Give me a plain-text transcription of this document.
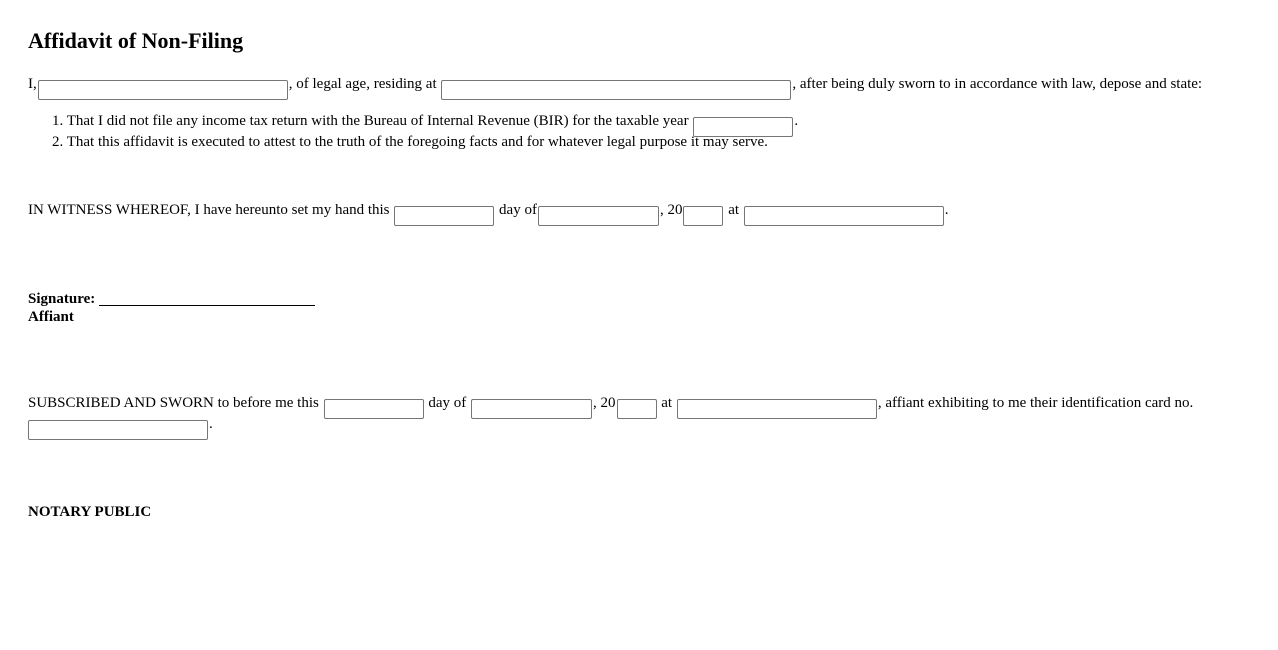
Affidavit of Non-Filing
I,	, of legal age, residing at	, after being duly sworn to in accordance with law, depose and state:
1. That I did not file any income tax return with the Bureau of Internal Revenue (BIR) for the taxable year	.
2. That this affidavit is executed to attest to the truth of the foregoing facts and for whatever legal purpose it may serve.
IN WITNESS WHEREOF, I have hereunto set my hand this	day of	, 20	at	.
Signature:
Affiant
SUBSCRIBED AND SWORN to before me this	day of	, 20	at	, affiant exhibiting to me their identification card no.
.
NOTARY PUBLIC
